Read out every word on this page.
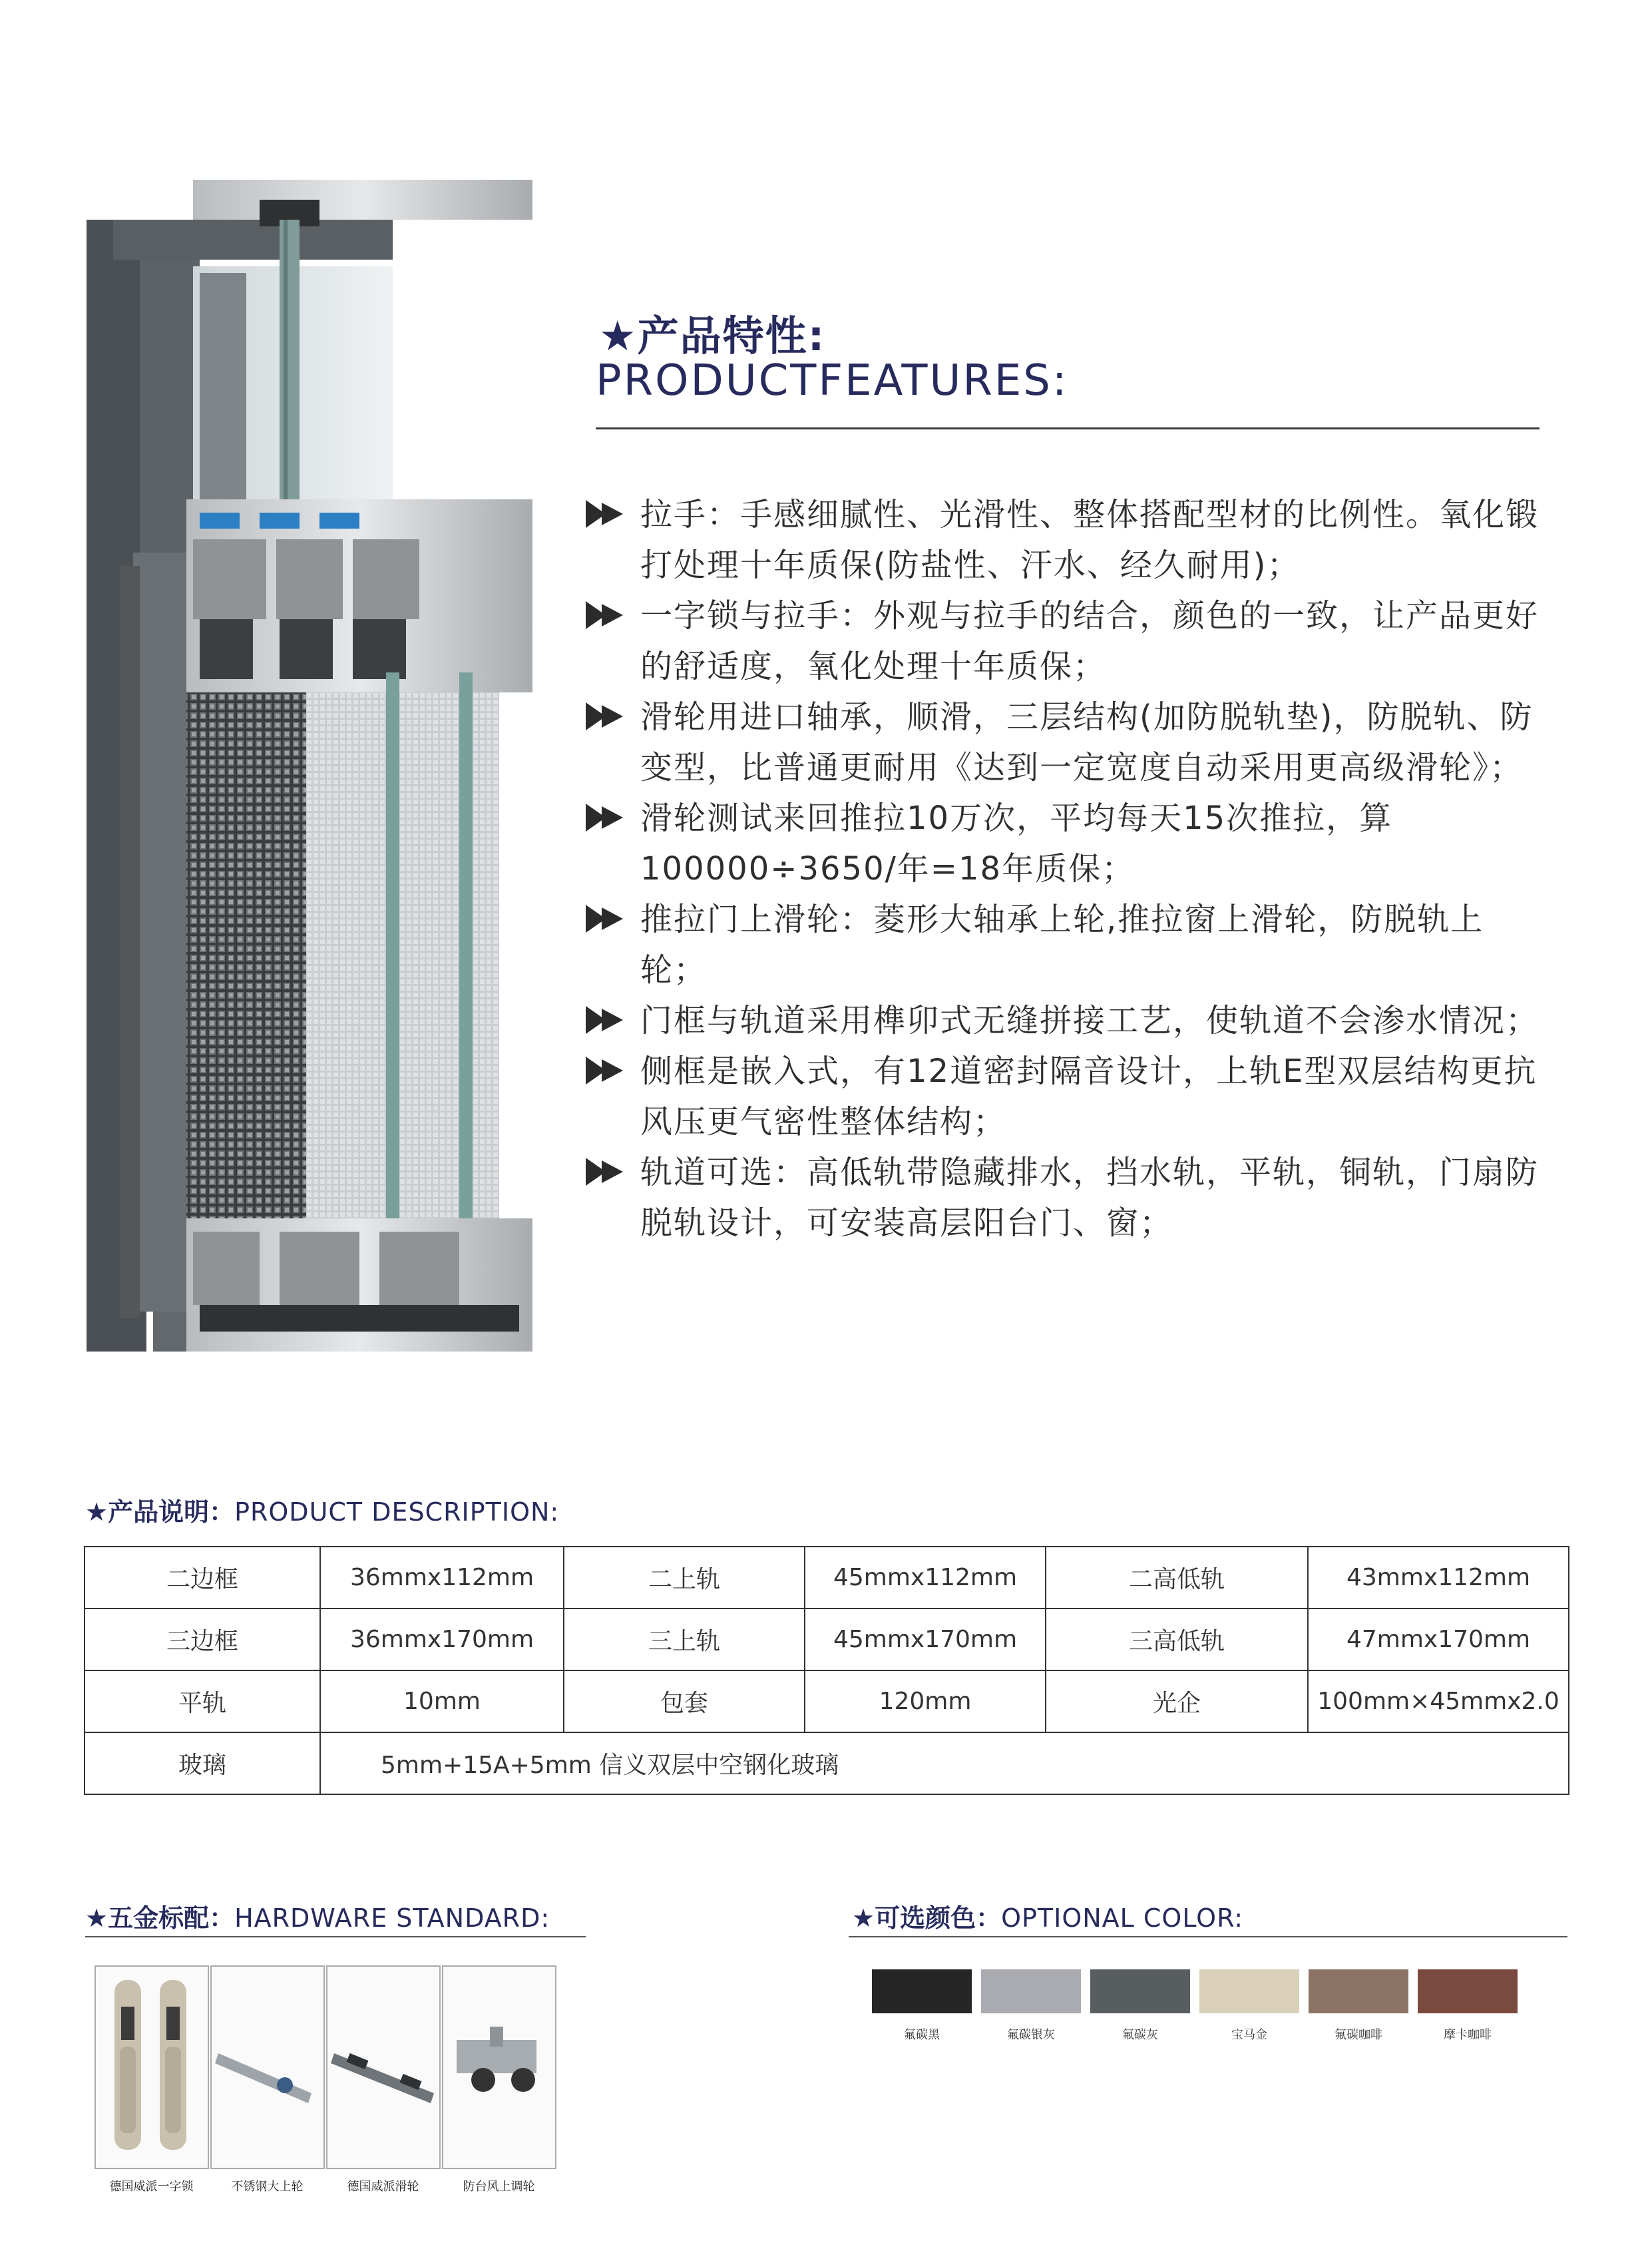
★产品特性:
PRODUCTFEATURES:
拉手：手感细腻性、光滑性、整体搭配型材的比例性。氧化锻打处理十年质保(防盐性、汗水、经久耐用)；
一字锁与拉手：外观与拉手的结合，颜色的一致，让产品更好的舒适度，氧化处理十年质保；
滑轮用进口轴承，顺滑，三层结构(加防脱轨垫)，防脱轨、防变型，比普通更耐用《达到一定宽度自动采用更高级滑轮》；
滑轮测试来回推拉10万次，平均每天15次推拉，算100000÷3650/年=18年质保；
推拉门上滑轮：菱形大轴承上轮,推拉窗上滑轮，防脱轨上轮；
门框与轨道采用榫卯式无缝拼接工艺，使轨道不会渗水情况；
侧框是嵌入式，有12道密封隔音设计，上轨E型双层结构更抗风压更气密性整体结构；
轨道可选：高低轨带隐藏排水，挡水轨，平轨，铜轨，门扇防脱轨设计，可安装高层阳台门、窗；
★产品说明：PRODUCT DESCRIPTION:
二边框	36mmx112mm	二上轨	45mmx112mm	二高低轨	43mmx112mm
三边框	36mmx170mm	三上轨	45mmx170mm	三高低轨	47mmx170mm
平轨	10mm	包套	120mm	光企	100mm×45mmx2.0
玻璃	5mm+15A+5mm 信义双层中空钢化玻璃				
★五金标配：HARDWARE STANDARD:
德国威派一字锁	不锈钢大上轮	德国威派滑轮	防台风上调轮
★可选颜色：OPTIONAL COLOR:
氟碳黑	氟碳银灰	氟碳灰	宝马金	氟碳咖啡	摩卡咖啡
